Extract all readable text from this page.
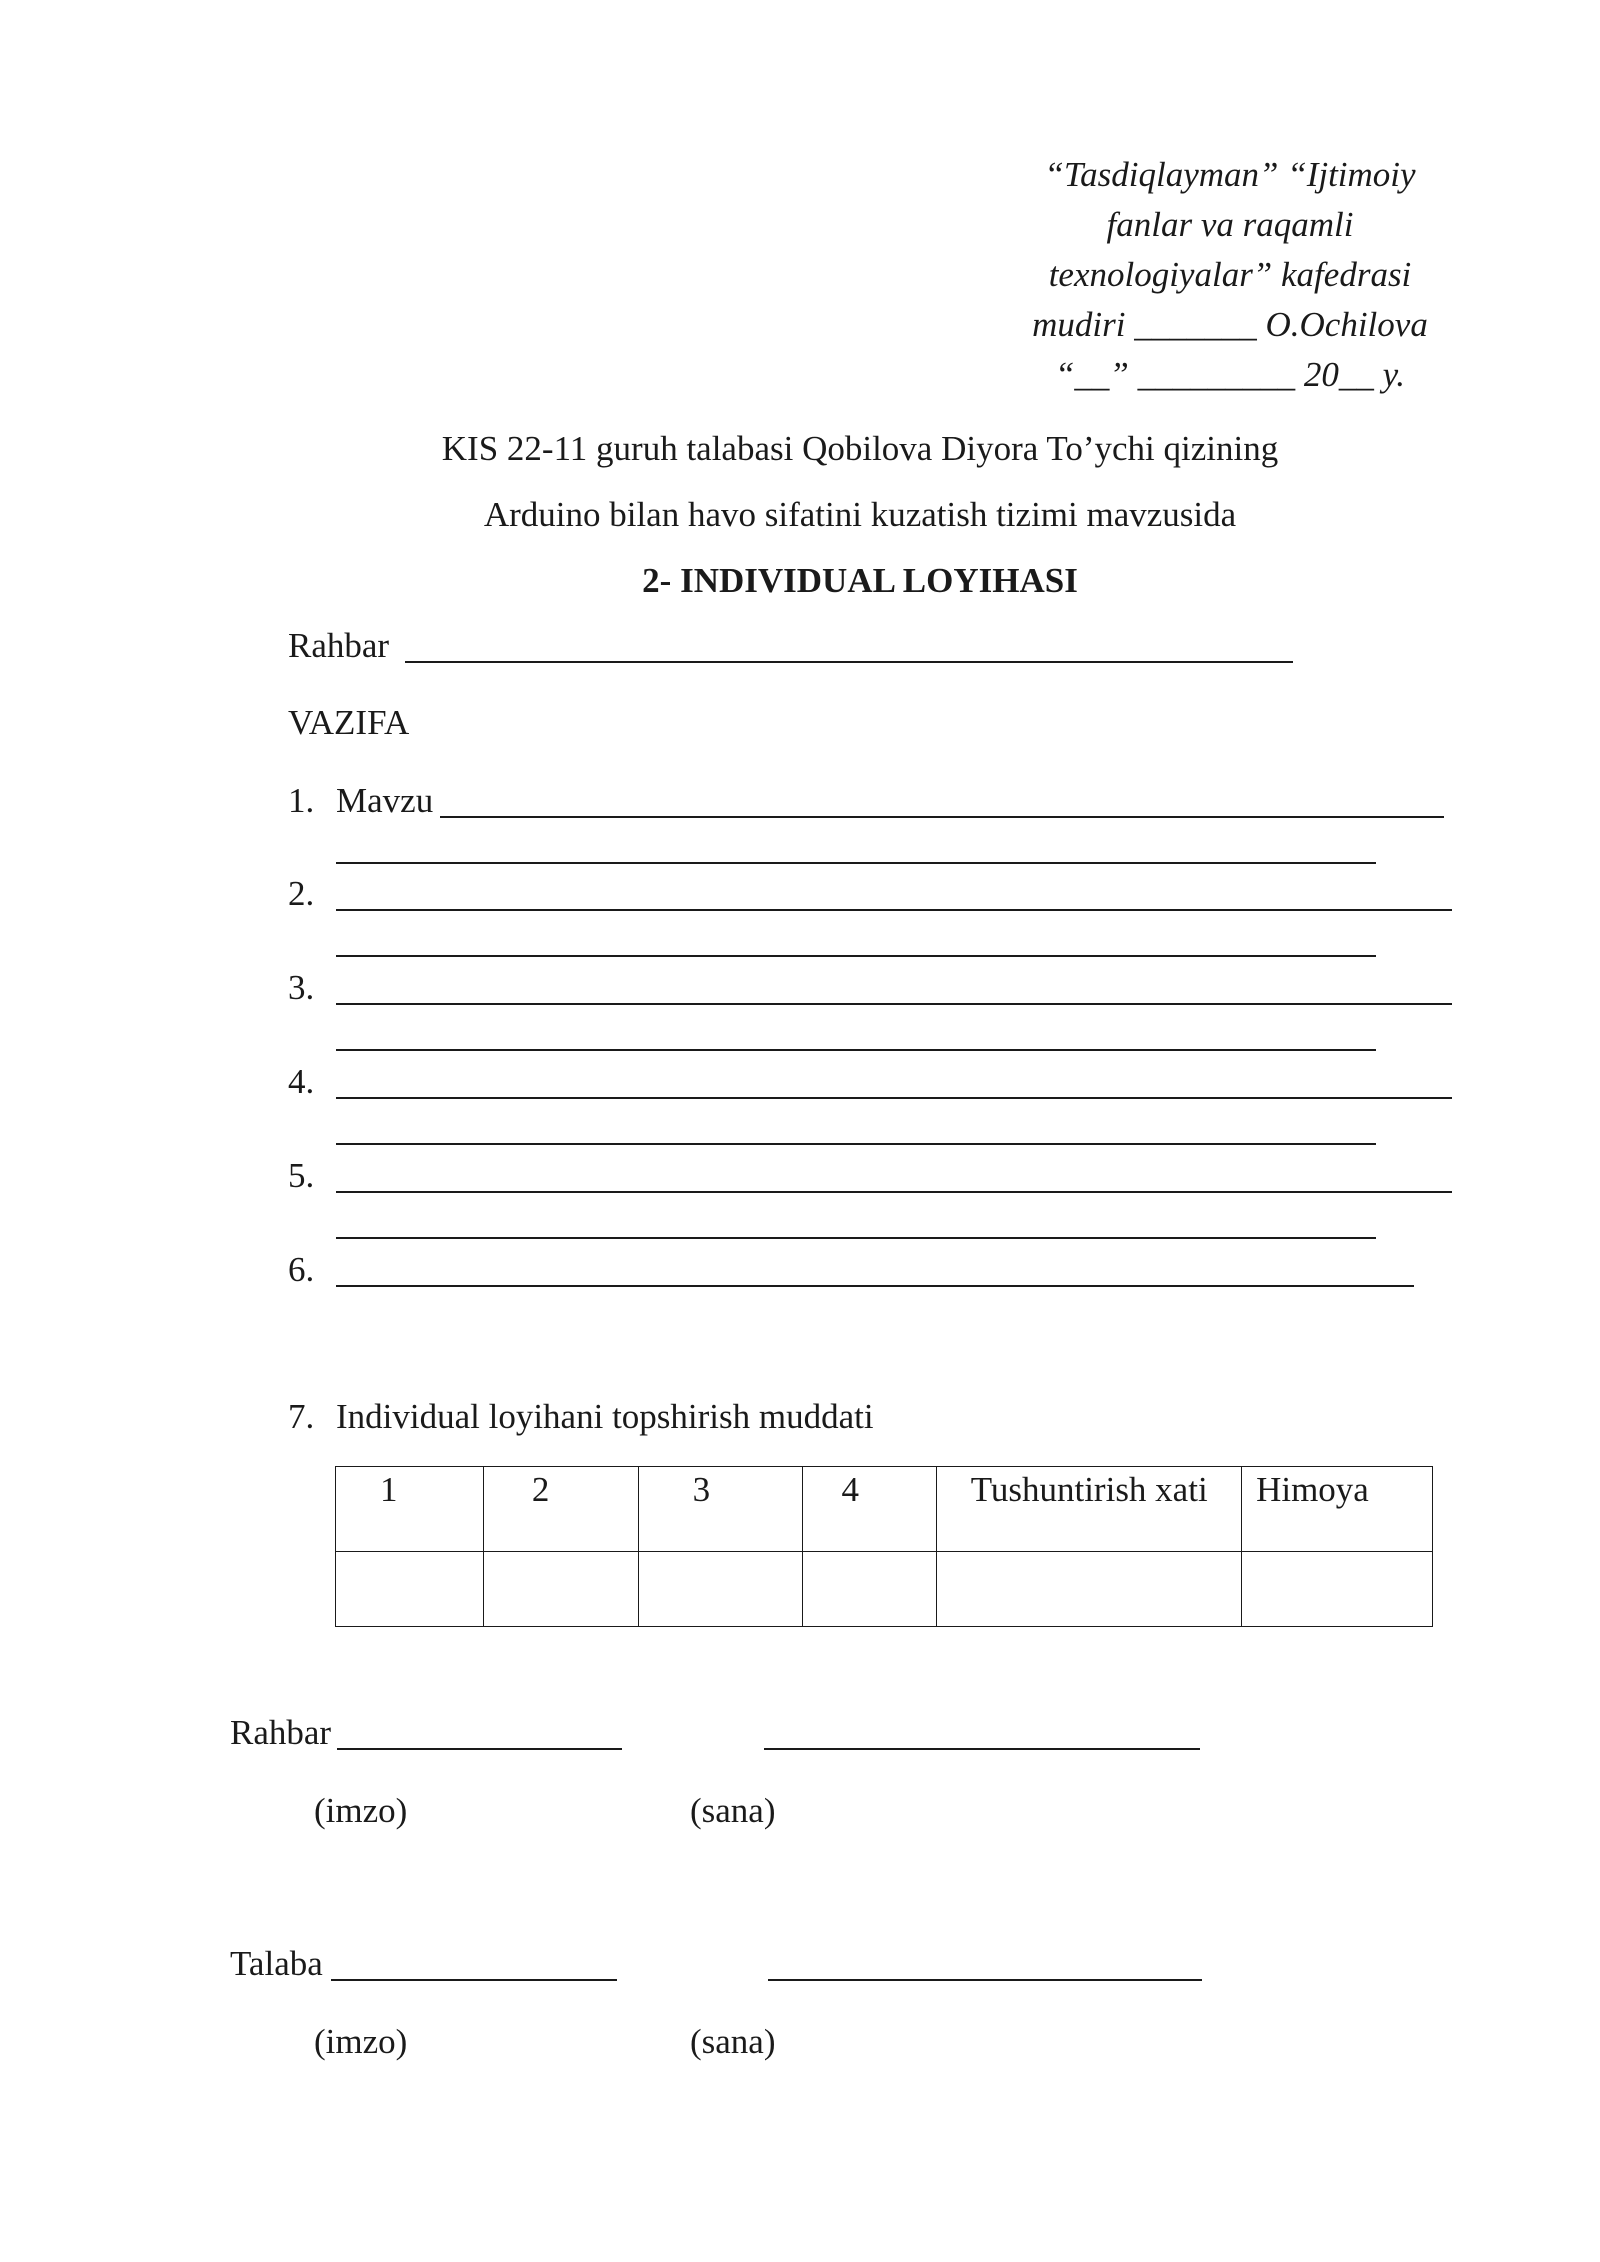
“Tasdiqlayman” “Ijtimoiy
fanlar va raqamli
texnologiyalar” kafedrasi
mudiri _______ O.Ochilova
“__” _________ 20__ y.
KIS 22-11 guruh talabasi Qobilova Diyora To’ychi qizining
Arduino bilan havo sifatini kuzatish tizimi mavzusida
2- INDIVIDUAL LOYIHASI
Rahbar
VAZIFA
1. Mavzu
2.
3.
4.
5.
6.
7. Individual loyihani topshirish muddati
1	2	3	4	Tushuntirish xati	Himoya

Rahbar
(imzo)	(sana)
Talaba
(imzo)	(sana)
